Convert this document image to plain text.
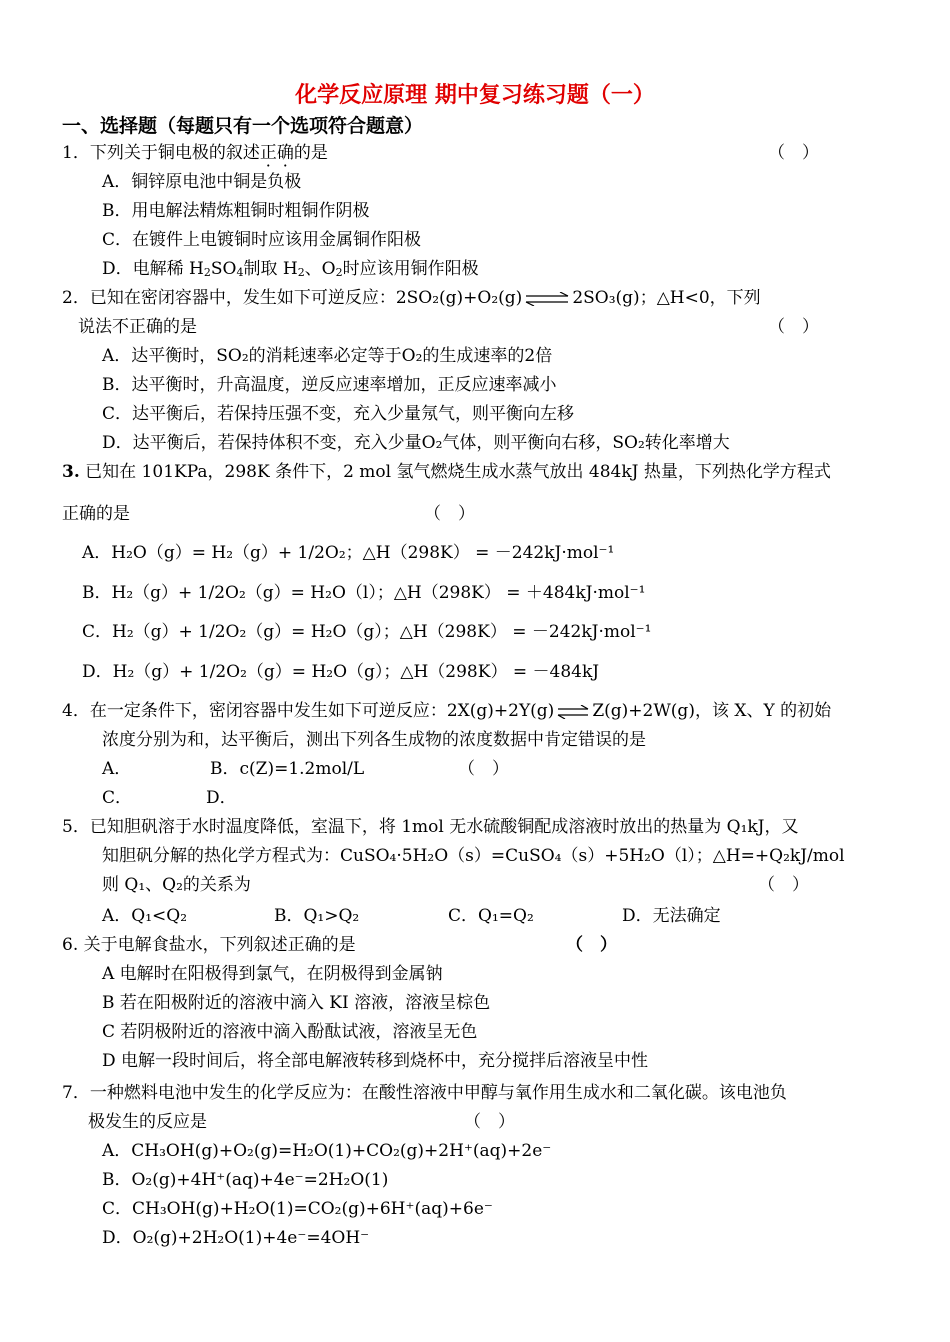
化学反应原理 期中复习练习题（一）
一、选择题（每题只有一个选项符合题意）
1．下列关于铜电极的叙述正确的是	（　）
A．铜锌原电池中铜是负极
B．用电解法精炼粗铜时粗铜作阴极
C．在镀件上电镀铜时应该用金属铜作阳极
D．电解稀 $H_2SO_4$制取 $H_2$、$O_2$时应该用铜作阳极
2．已知在密闭容器中，发生如下可逆反应：2SO₂(g)+O₂(g) ⇌ 2SO₃(g)；△H<0，下列
说法不正确的是	（　）
A．达平衡时，SO₂的消耗速率必定等于O₂的生成速率的2倍
B．达平衡时，升高温度，逆反应速率增加，正反应速率减小
C．达平衡后，若保持压强不变，充入少量氖气，则平衡向左移
D．达平衡后，若保持体积不变，充入少量O₂气体，则平衡向右移，SO₂转化率增大
3. 已知在 101KPa，298K 条件下，2 mol 氢气燃烧生成水蒸气放出 484kJ 热量，下列热化学方程式
正确的是	（　）
A．H₂O（g）= H₂（g）+ 1/2O₂；△H（298K） = －242kJ·mol⁻¹
B．H₂（g）+ 1/2O₂（g）= H₂O（l）；△H（298K） = ＋484kJ·mol⁻¹
C．H₂（g）+ 1/2O₂（g）= H₂O（g）；△H（298K） = －242kJ·mol⁻¹
D．H₂（g）+ 1/2O₂（g）= H₂O（g）；△H（298K） = －484kJ
4．在一定条件下，密闭容器中发生如下可逆反应：2X(g)+2Y(g) ⇌ Z(g)+2W(g)，该 X、Y 的初始
浓度分别为和，达平衡后，测出下列各生成物的浓度数据中肯定错误的是
A．	B．c(Z)=1.2mol/L	（　）
C．	D．
5．已知胆矾溶于水时温度降低，室温下，将 1mol 无水硫酸铜配成溶液时放出的热量为 Q₁kJ，又
知胆矾分解的热化学方程式为：CuSO₄·5H₂O（s）=CuSO₄（s）+5H₂O（l）；△H=+Q₂kJ/mol
则 Q₁、Q₂的关系为	（　）
A．Q₁<Q₂	B．Q₁>Q₂	C．Q₁=Q₂	D．无法确定
6. 关于电解食盐水，下列叙述正确的是	（　）
A 电解时在阳极得到氯气，在阴极得到金属钠
B 若在阳极附近的溶液中滴入 KI 溶液，溶液呈棕色
C 若阴极附近的溶液中滴入酚酞试液，溶液呈无色
D 电解一段时间后，将全部电解液转移到烧杯中，充分搅拌后溶液呈中性
7．一种燃料电池中发生的化学反应为：在酸性溶液中甲醇与氧作用生成水和二氧化碳。该电池负
极发生的反应是	（　）
A．CH₃OH(g)+O₂(g)=H₂O(1)+CO₂(g)+2H⁺(aq)+2e⁻
B．O₂(g)+4H⁺(aq)+4e⁻=2H₂O(1)
C．CH₃OH(g)+H₂O(1)=CO₂(g)+6H⁺(aq)+6e⁻
D．O₂(g)+2H₂O(1)+4e⁻=4OH⁻
